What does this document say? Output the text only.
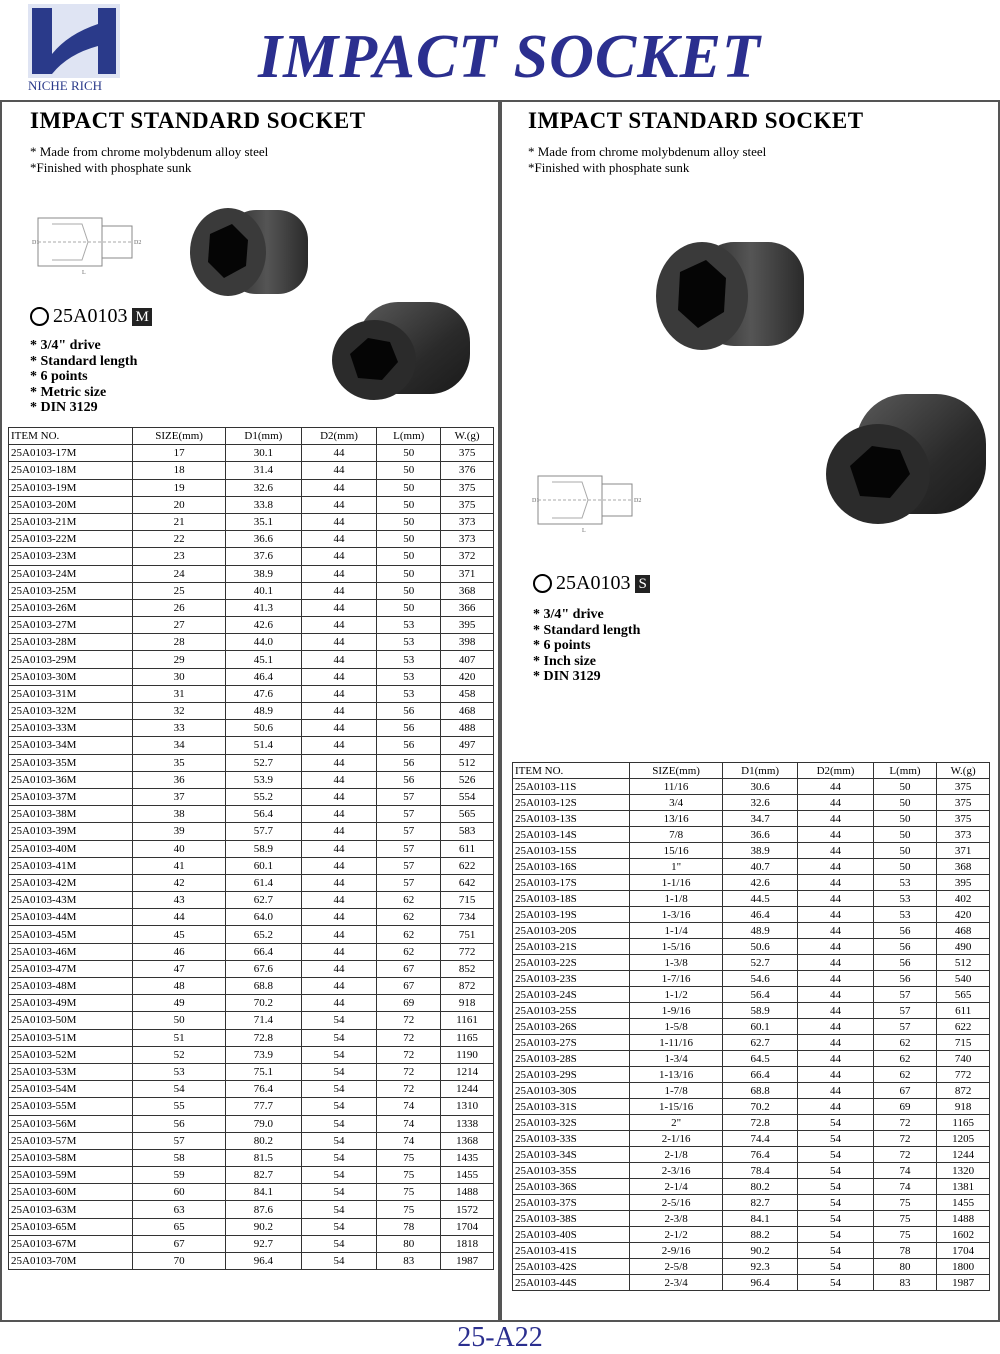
NICHE RICH	IMPACT SOCKET
IMPACT STANDARD SOCKET
* Made from chrome molybdenum alloy steel
*Finished with phosphate sunk
D1	D2
L
25A0103 M
* 3/4" drive
* Standard length
* 6 points
* Metric size
* DIN 3129
ITEM NO.	SIZE(mm)	D1(mm)	D2(mm)	L(mm)	W.(g)
25A0103-17M	17	30.1	44	50	375
25A0103-18M	18	31.4	44	50	376
25A0103-19M	19	32.6	44	50	375
25A0103-20M	20	33.8	44	50	375
25A0103-21M	21	35.1	44	50	373
25A0103-22M	22	36.6	44	50	373
25A0103-23M	23	37.6	44	50	372
25A0103-24M	24	38.9	44	50	371
25A0103-25M	25	40.1	44	50	368
25A0103-26M	26	41.3	44	50	366
25A0103-27M	27	42.6	44	53	395
25A0103-28M	28	44.0	44	53	398
25A0103-29M	29	45.1	44	53	407
25A0103-30M	30	46.4	44	53	420
25A0103-31M	31	47.6	44	53	458
25A0103-32M	32	48.9	44	56	468
25A0103-33M	33	50.6	44	56	488
25A0103-34M	34	51.4	44	56	497
25A0103-35M	35	52.7	44	56	512
25A0103-36M	36	53.9	44	56	526
25A0103-37M	37	55.2	44	57	554
25A0103-38M	38	56.4	44	57	565
25A0103-39M	39	57.7	44	57	583
25A0103-40M	40	58.9	44	57	611
25A0103-41M	41	60.1	44	57	622
25A0103-42M	42	61.4	44	57	642
25A0103-43M	43	62.7	44	62	715
25A0103-44M	44	64.0	44	62	734
25A0103-45M	45	65.2	44	62	751
25A0103-46M	46	66.4	44	62	772
25A0103-47M	47	67.6	44	67	852
25A0103-48M	48	68.8	44	67	872
25A0103-49M	49	70.2	44	69	918
25A0103-50M	50	71.4	54	72	1161
25A0103-51M	51	72.8	54	72	1165
25A0103-52M	52	73.9	54	72	1190
25A0103-53M	53	75.1	54	72	1214
25A0103-54M	54	76.4	54	72	1244
25A0103-55M	55	77.7	54	74	1310
25A0103-56M	56	79.0	54	74	1338
25A0103-57M	57	80.2	54	74	1368
25A0103-58M	58	81.5	54	75	1435
25A0103-59M	59	82.7	54	75	1455
25A0103-60M	60	84.1	54	75	1488
25A0103-63M	63	87.6	54	75	1572
25A0103-65M	65	90.2	54	78	1704
25A0103-67M	67	92.7	54	80	1818
25A0103-70M	70	96.4	54	83	1987
IMPACT STANDARD SOCKET
* Made from chrome molybdenum alloy steel
*Finished with phosphate sunk
D1	D2
L
25A0103 S
* 3/4" drive
* Standard length
* 6 points
* Inch size
* DIN 3129
ITEM NO.	SIZE(mm)	D1(mm)	D2(mm)	L(mm)	W.(g)
25A0103-11S	11/16	30.6	44	50	375
25A0103-12S	3/4	32.6	44	50	375
25A0103-13S	13/16	34.7	44	50	375
25A0103-14S	7/8	36.6	44	50	373
25A0103-15S	15/16	38.9	44	50	371
25A0103-16S	1"	40.7	44	50	368
25A0103-17S	1-1/16	42.6	44	53	395
25A0103-18S	1-1/8	44.5	44	53	402
25A0103-19S	1-3/16	46.4	44	53	420
25A0103-20S	1-1/4	48.9	44	56	468
25A0103-21S	1-5/16	50.6	44	56	490
25A0103-22S	1-3/8	52.7	44	56	512
25A0103-23S	1-7/16	54.6	44	56	540
25A0103-24S	1-1/2	56.4	44	57	565
25A0103-25S	1-9/16	58.9	44	57	611
25A0103-26S	1-5/8	60.1	44	57	622
25A0103-27S	1-11/16	62.7	44	62	715
25A0103-28S	1-3/4	64.5	44	62	740
25A0103-29S	1-13/16	66.4	44	62	772
25A0103-30S	1-7/8	68.8	44	67	872
25A0103-31S	1-15/16	70.2	44	69	918
25A0103-32S	2"	72.8	54	72	1165
25A0103-33S	2-1/16	74.4	54	72	1205
25A0103-34S	2-1/8	76.4	54	72	1244
25A0103-35S	2-3/16	78.4	54	74	1320
25A0103-36S	2-1/4	80.2	54	74	1381
25A0103-37S	2-5/16	82.7	54	75	1455
25A0103-38S	2-3/8	84.1	54	75	1488
25A0103-40S	2-1/2	88.2	54	75	1602
25A0103-41S	2-9/16	90.2	54	78	1704
25A0103-42S	2-5/8	92.3	54	80	1800
25A0103-44S	2-3/4	96.4	54	83	1987
25-A22
